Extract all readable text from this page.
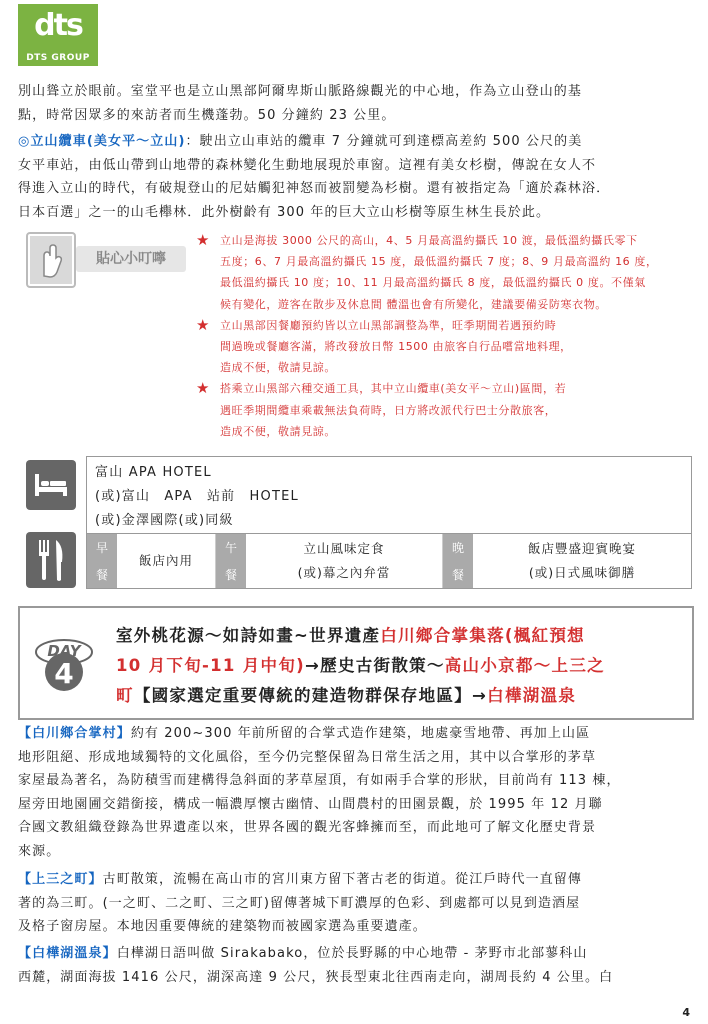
dts
DTS GROUP
別山聳立於眼前。室堂平也是立山黑部阿爾卑斯山脈路線觀光的中心地，作為立山登山的基
點，時常因眾多的來訪者而生機蓬勃。50 分鐘約 23 公里。
◎立山纜車(美女平～立山)：駛出立山車站的纜車 7 分鐘就可到達標高差約 500 公尺的美
女平車站，由低山帶到山地帶的森林變化生動地展現於車窗。這裡有美女杉樹，傳說在女人不
得進入立山的時代，有破規登山的尼姑觸犯神怒而被罰變為杉樹。還有被指定為「適於森林浴．
日本百選」之一的山毛櫸林．此外樹齡有 300 年的巨大立山杉樹等原生林生長於此。
貼心小叮嚀
★ 立山是海拔 3000 公尺的高山，4、5 月最高溫約攝氏 10 渡，最低溫約攝氏零下
五度；6、7 月最高溫約攝氏 15 度，最低溫約攝氏 7 度；8、9 月最高溫約 16 度，
最低溫約攝氏 10 度；10、11 月最高溫約攝氏 8 度，最低溫約攝氏 0 度。不僅氣
候有變化，遊客在散步及休息間 體溫也會有所變化，建議要備妥防寒衣物。
★ 立山黑部因餐廳預約皆以立山黑部調整為準，旺季期間若遇預約時
間過晚或餐廳客滿，將改發放日幣 1500 由旅客自行品嚐當地料理，
造成不便，敬請見諒。
★ 搭乘立山黑部六種交通工具，其中立山纜車(美女平～立山)區間，若
遇旺季期間纜車乘載無法負荷時，日方將改派代行巴士分散旅客，
造成不便，敬請見諒。
富山 APA HOTEL
(或)富山　APA　站前　HOTEL
(或)金澤國際(或)同級
早
餐
飯店內用
午
餐
立山風味定食
(或)幕之內弁當
晚
餐
飯店豐盛迎賓晚宴
(或)日式風味御膳
DAY
4
室外桃花源～如詩如畫~世界遺產白川鄉合掌集落(楓紅預想
10 月下旬-11 月中旬)→歷史古街散策～高山小京都～上三之
町【國家選定重要傳統的建造物群保存地區】→白樺湖溫泉
【白川鄉合掌村】約有 200~300 年前所留的合掌式造作建築，地處豪雪地帶、再加上山區
地形阻絕、形成地域獨特的文化風俗，至今仍完整保留為日常生活之用，其中以合掌形的茅草
家屋最為著名，為防積雪而建構得急斜面的茅草屋頂，有如兩手合掌的形狀，目前尚有 113 棟，
屋旁田地園圃交錯銜接，構成一幅濃厚懷古幽情、山間農村的田園景觀，於 1995 年 12 月聯
合國文教組織登錄為世界遺產以來，世界各國的觀光客蜂擁而至，而此地可了解文化歷史背景
來源。
【上三之町】古町散策，流暢在高山市的宮川東方留下著古老的街道。從江戶時代一直留傳
著的為三町。(一之町、二之町、三之町)留傳著城下町濃厚的色彩、到處都可以見到造酒屋
及格子窗房屋。本地因重要傳統的建築物而被國家選為重要遺產。
【白樺湖溫泉】白樺湖日語叫做 Sirakabako，位於長野縣的中心地帶 - 茅野市北部蓼科山
西麓，湖面海拔 1416 公尺，湖深高達 9 公尺，狹長型東北往西南走向，湖周長約 4 公里。白
4
